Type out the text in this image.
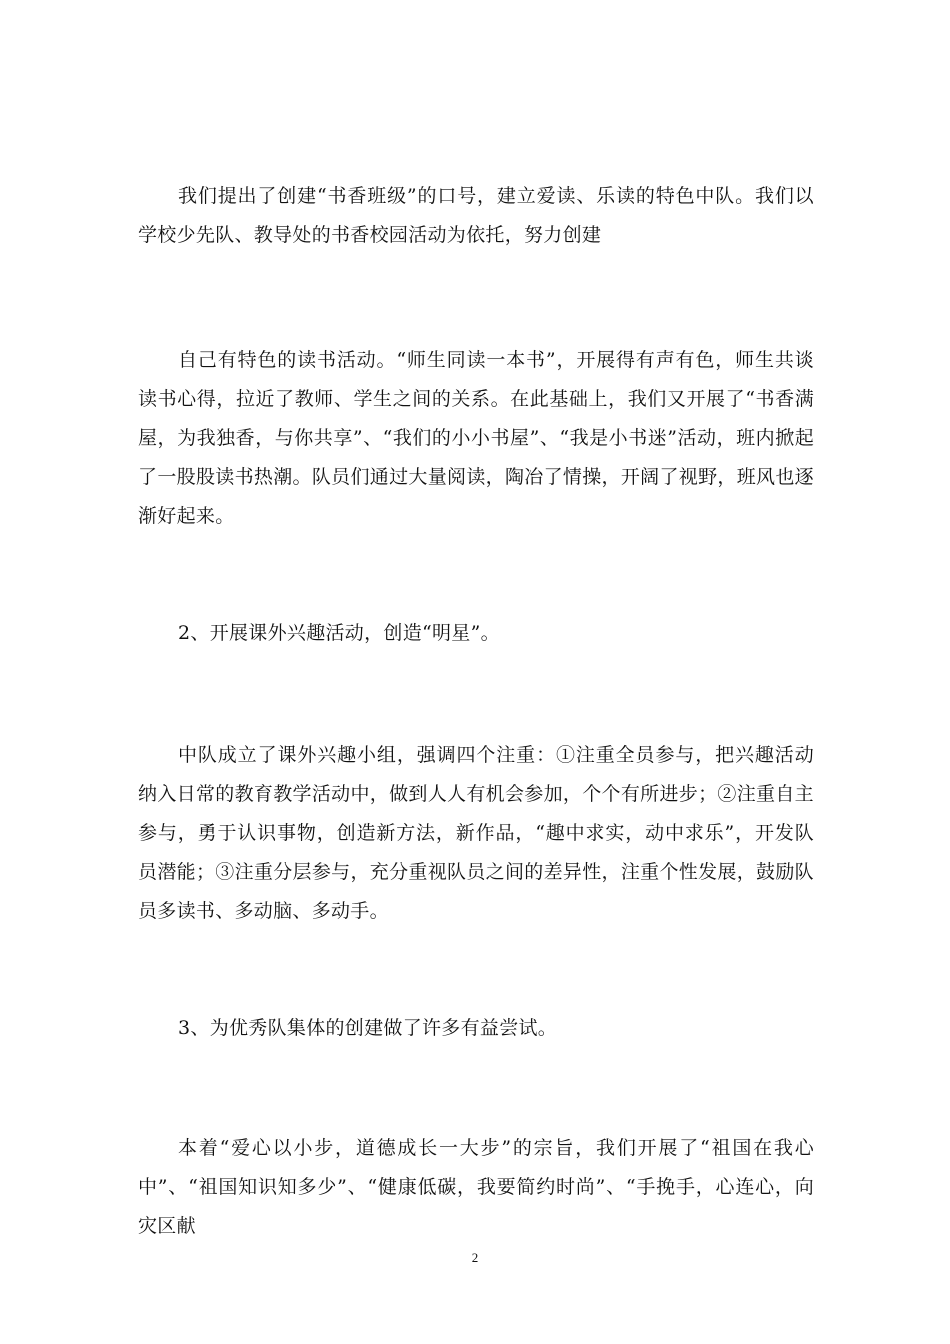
我们提出了创建“书香班级”的口号，建立爱读、乐读的特色中队。我们以学校少先队、教导处的书香校园活动为依托，努力创建

自己有特色的读书活动。“师生同读一本书”，开展得有声有色，师生共谈读书心得，拉近了教师、学生之间的关系。在此基础上，我们又开展了“书香满屋，为我独香，与你共享”、“我们的小小书屋”、“我是小书迷”活动，班内掀起了一股股读书热潮。队员们通过大量阅读，陶冶了情操，开阔了视野，班风也逐渐好起来。

2、开展课外兴趣活动，创造“明星”。

中队成立了课外兴趣小组，强调四个注重：①注重全员参与，把兴趣活动纳入日常的教育教学活动中，做到人人有机会参加，个个有所进步；②注重自主参与，勇于认识事物，创造新方法，新作品，“趣中求实，动中求乐”，开发队员潜能；③注重分层参与，充分重视队员之间的差异性，注重个性发展，鼓励队员多读书、多动脑、多动手。

3、为优秀队集体的创建做了许多有益尝试。

本着“爱心以小步，道德成长一大步”的宗旨，我们开展了“祖国在我心中”、“祖国知识知多少”、“健康低碳，我要简约时尚”、“手挽手，心连心，向灾区献

2
